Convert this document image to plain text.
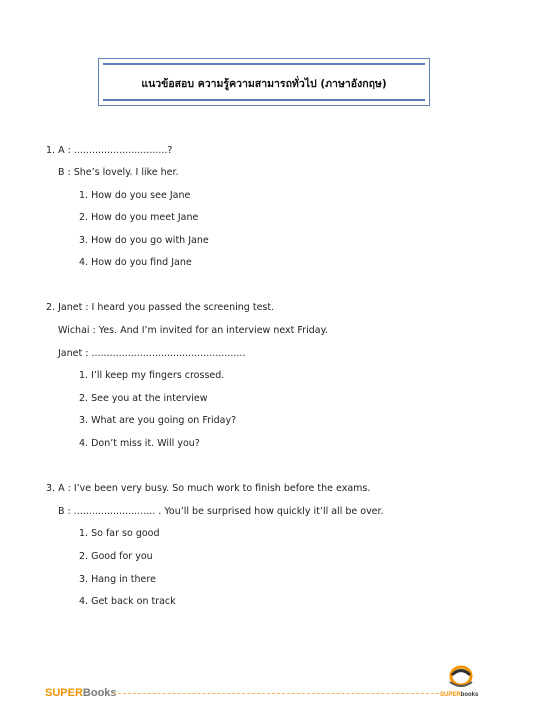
แนวข้อสอบ ความรู้ความสามารถทั่วไป (ภาษาอังกฤษ)
1. A : ...............................?
B : She’s lovely. I like her.
1. How do you see Jane
2. How do you meet Jane
3. How do you go with Jane
4. How do you find Jane
2. Janet : I heard you passed the screening test.
Wichai : Yes. And I’m invited for an interview next Friday.
Janet : ...................................................
1. I’ll keep my fingers crossed.
2. See you at the interview
3. What are you going on Friday?
4. Don’t miss it. Will you?
3. A : I’ve been very busy. So much work to finish before the exams.
B : ........................... . You’ll be surprised how quickly it’ll all be over.
1. So far so good
2. Good for you
3. Hang in there
4. Get back on track
SUPERBooks	SUPERbooks
